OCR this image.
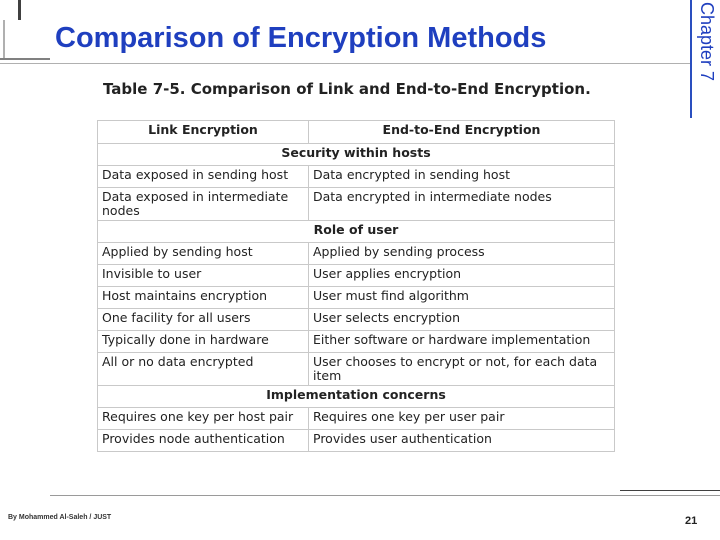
Comparison of Encryption Methods	Chapter 7
Table 7-5. Comparison of Link and End-to-End Encryption.
Link Encryption	End-to-End Encryption
Security within hosts	
Data exposed in sending host	Data encrypted in sending host
Data exposed in intermediate nodes	Data encrypted in intermediate nodes
Role of user	
Applied by sending host	Applied by sending process
Invisible to user	User applies encryption
Host maintains encryption	User must find algorithm
One facility for all users	User selects encryption
Typically done in hardware	Either software or hardware implementation
All or no data encrypted	User chooses to encrypt or not, for each data item
Implementation concerns	
Requires one key per host pair	Requires one key per user pair
Provides node authentication	Provides user authentication
By Mohammed Al-Saleh / JUST	21
